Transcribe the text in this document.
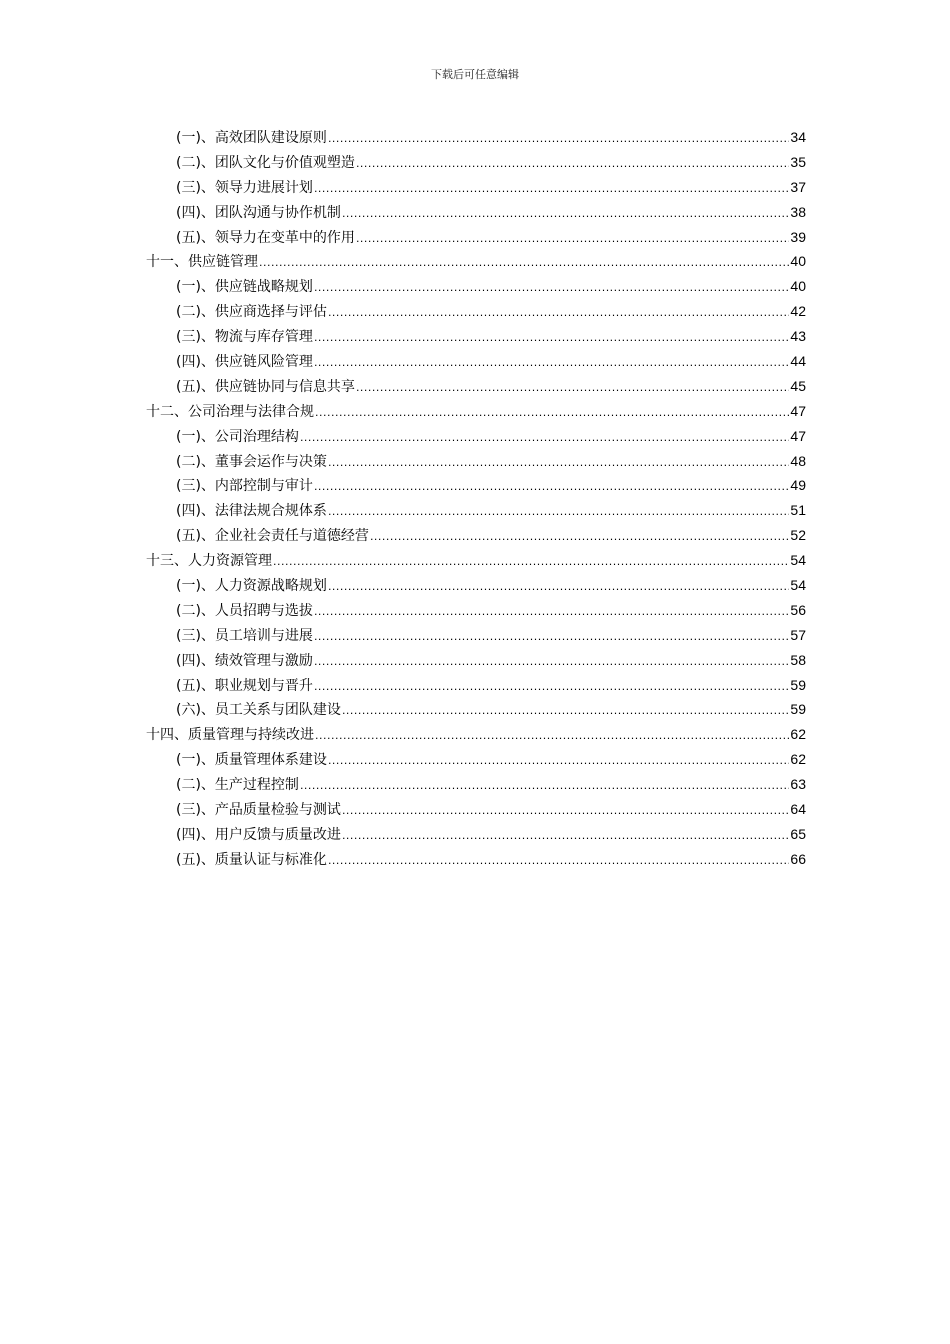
下载后可任意编辑
(一)、高效团队建设原则 .....	34
(二)、团队文化与价值观塑造 .....	35
(三)、领导力进展计划 .....	37
(四)、团队沟通与协作机制 .....	38
(五)、领导力在变革中的作用 .....	39
十一、供应链管理 .....	40
(一)、供应链战略规划 .....	40
(二)、供应商选择与评估 .....	42
(三)、物流与库存管理 .....	43
(四)、供应链风险管理 .....	44
(五)、供应链协同与信息共享 .....	45
十二、公司治理与法律合规 .....	47
(一)、公司治理结构 .....	47
(二)、董事会运作与决策 .....	48
(三)、内部控制与审计 .....	49
(四)、法律法规合规体系 .....	51
(五)、企业社会责任与道德经营 .....	52
十三、人力资源管理 .....	54
(一)、人力资源战略规划 .....	54
(二)、人员招聘与选拔 .....	56
(三)、员工培训与进展 .....	57
(四)、绩效管理与激励 .....	58
(五)、职业规划与晋升 .....	59
(六)、员工关系与团队建设 .....	59
十四、质量管理与持续改进 .....	62
(一)、质量管理体系建设 .....	62
(二)、生产过程控制 .....	63
(三)、产品质量检验与测试 .....	64
(四)、用户反馈与质量改进 .....	65
(五)、质量认证与标准化 .....	66
